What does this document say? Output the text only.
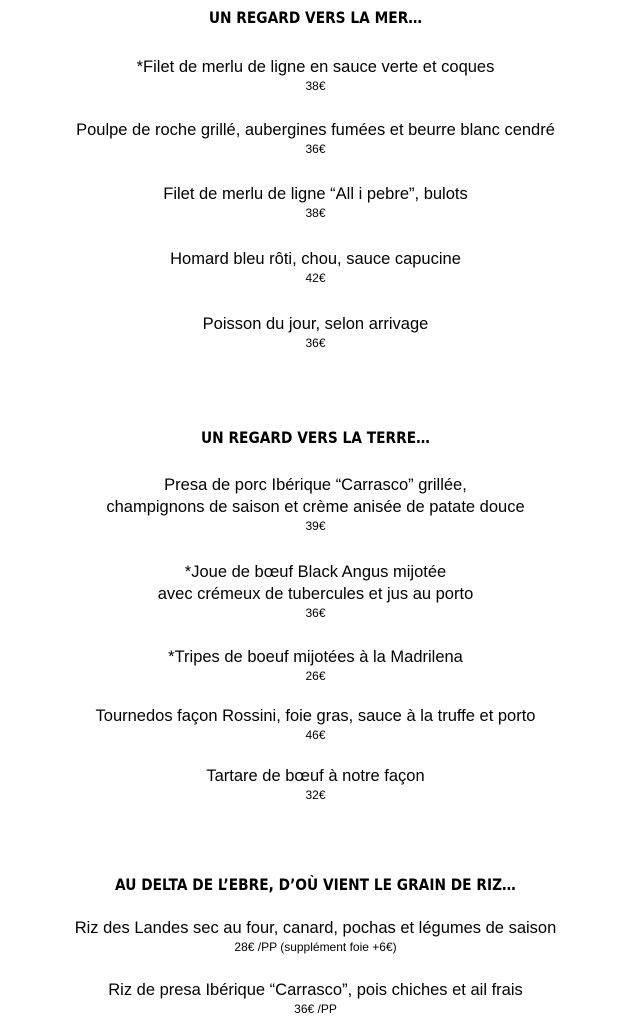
UN REGARD VERS LA MER…
*Filet de merlu de ligne en sauce verte et coques
38€
Poulpe de roche grillé, aubergines fumées et beurre blanc cendré
36€
Filet de merlu de ligne “All i pebre”, bulots
38€
Homard bleu rôti, chou, sauce capucine
42€
Poisson du jour, selon arrivage
36€
UN REGARD VERS LA TERRE…
Presa de porc Ibérique “Carrasco” grillée,
champignons de saison et crème anisée de patate douce
39€
*Joue de bœuf Black Angus mijotée
avec crémeux de tubercules et jus au porto
36€
*Tripes de boeuf mijotées à la Madrilena
26€
Tournedos façon Rossini, foie gras, sauce à la truffe et porto
46€
Tartare de bœuf à notre façon
32€
AU DELTA DE L’EBRE, D’OÙ VIENT LE GRAIN DE RIZ…
Riz des Landes sec au four, canard, pochas et légumes de saison
28€ /PP (supplément foie +6€)
Riz de presa Ibérique “Carrasco”, pois chiches et ail frais
36€ /PP
